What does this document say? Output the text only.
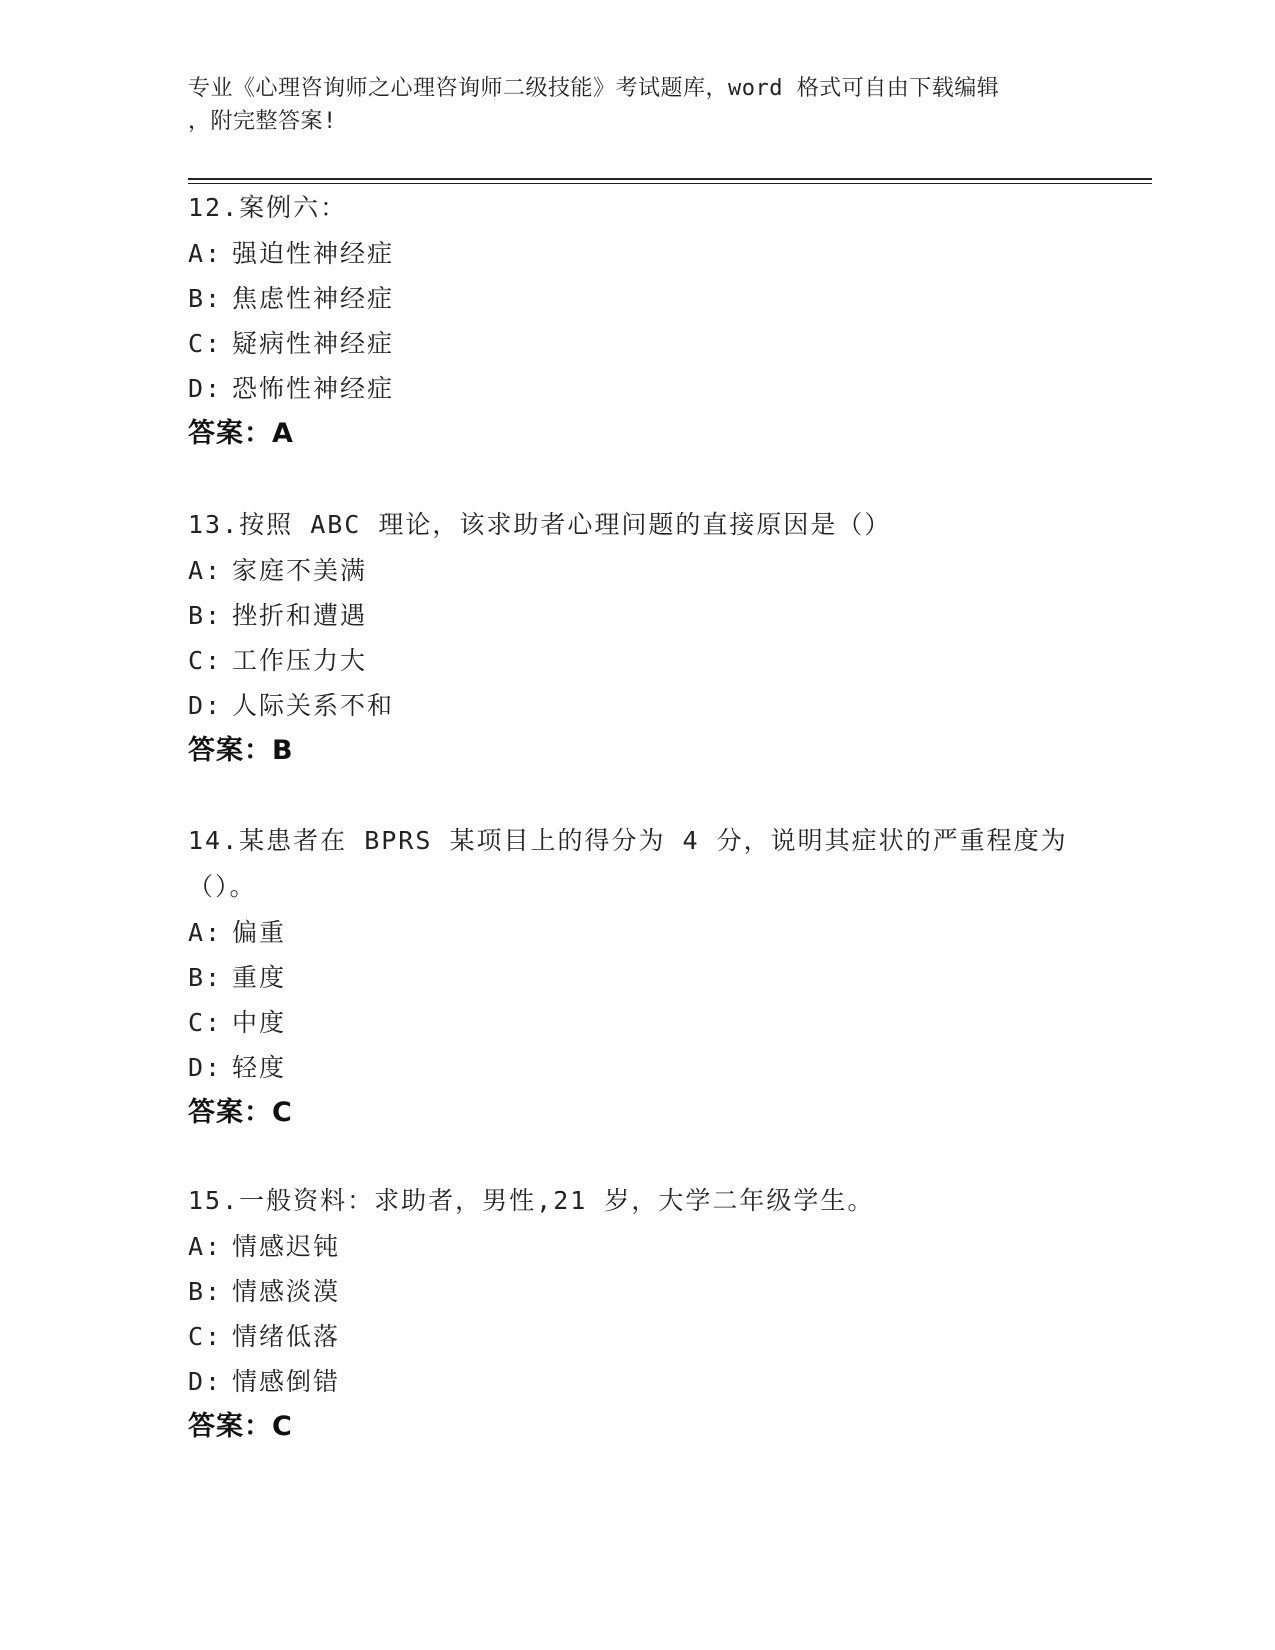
专业《心理咨询师之心理咨询师二级技能》考试题库，word 格式可自由下载编辑
，附完整答案!

12.案例六：

A: 强迫性神经症

B: 焦虑性神经症

C: 疑病性神经症

D: 恐怖性神经症

答案：A

13.按照 ABC 理论，该求助者心理问题的直接原因是（）

A: 家庭不美满

B: 挫折和遭遇

C: 工作压力大

D: 人际关系不和

答案：B

14.某患者在 BPRS 某项目上的得分为 4 分，说明其症状的严重程度为

（）。

A: 偏重

B: 重度

C: 中度

D: 轻度

答案：C

15.一般资料：求助者，男性,21 岁，大学二年级学生。

A: 情感迟钝

B: 情感淡漠

C: 情绪低落

D: 情感倒错

答案：C
